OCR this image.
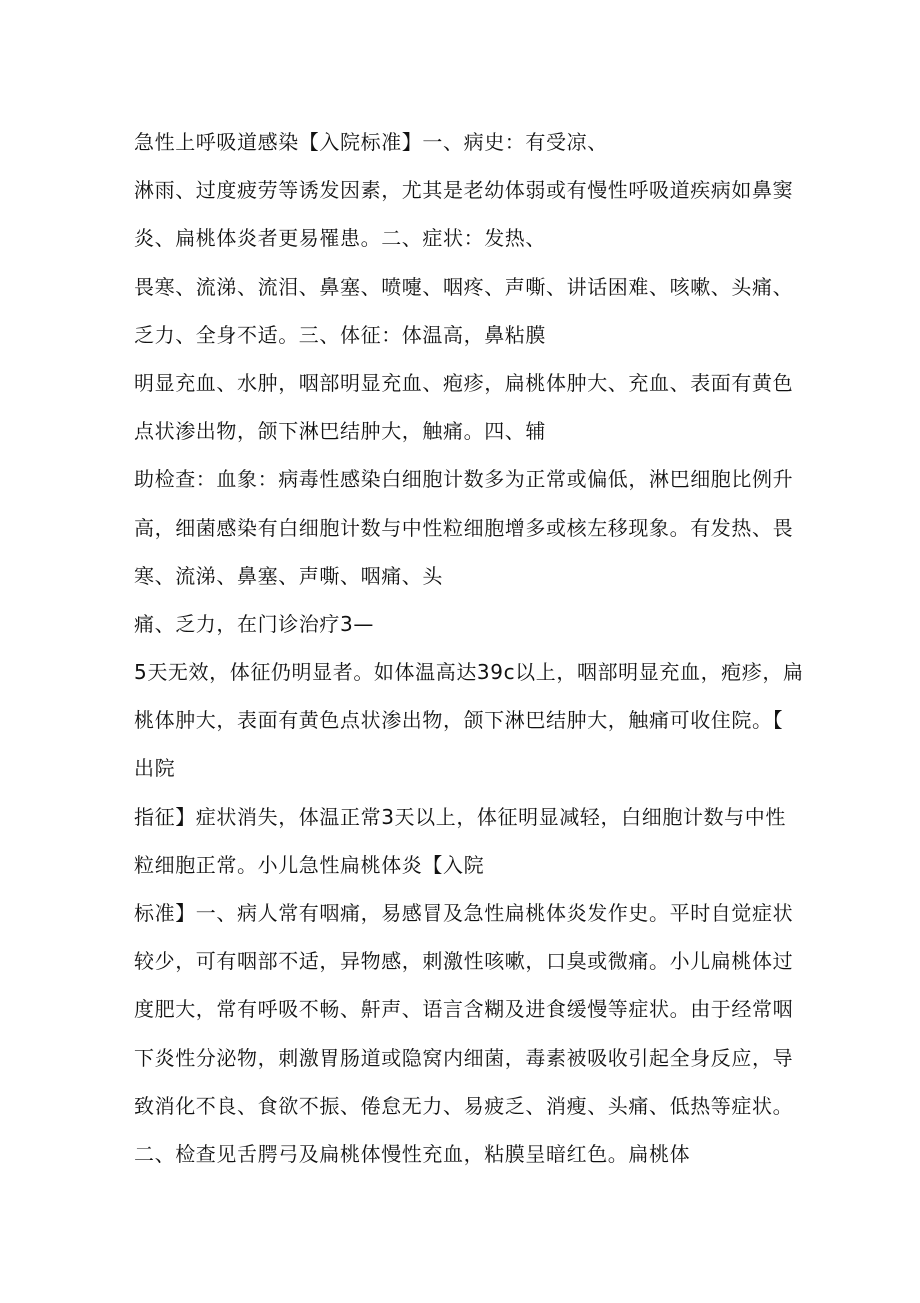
急性上呼吸道感染【入院标准】一、病史：有受凉、
淋雨、过度疲劳等诱发因素，尤其是老幼体弱或有慢性呼吸道疾病如鼻窦
炎、扁桃体炎者更易罹患。二、症状：发热、
畏寒、流涕、流泪、鼻塞、喷嚏、咽疼、声嘶、讲话困难、咳嗽、头痛、
乏力、全身不适。三、体征：体温高，鼻粘膜
明显充血、水肿，咽部明显充血、疱疹，扁桃体肿大、充血、表面有黄色
点状渗出物，颌下淋巴结肿大，触痛。四、辅
助检查：血象：病毒性感染白细胞计数多为正常或偏低，淋巴细胞比例升
高，细菌感染有白细胞计数与中性粒细胞增多或核左移现象。有发热、畏
寒、流涕、鼻塞、声嘶、咽痛、头
痛、乏力，在门诊治疗3—
5天无效，体征仍明显者。如体温高达39c以上，咽部明显充血，疱疹，扁
桃体肿大，表面有黄色点状渗出物，颌下淋巴结肿大，触痛可收住院。【
出院
指征】症状消失，体温正常3天以上，体征明显减轻，白细胞计数与中性
粒细胞正常。小儿急性扁桃体炎【入院
标准】一、病人常有咽痛，易感冒及急性扁桃体炎发作史。平时自觉症状
较少，可有咽部不适，异物感，刺激性咳嗽，口臭或微痛。小儿扁桃体过
度肥大，常有呼吸不畅、鼾声、语言含糊及进食缓慢等症状。由于经常咽
下炎性分泌物，刺激胃肠道或隐窝内细菌，毒素被吸收引起全身反应，导
致消化不良、食欲不振、倦怠无力、易疲乏、消瘦、头痛、低热等症状。
二、检查见舌腭弓及扁桃体慢性充血，粘膜呈暗红色。扁桃体
